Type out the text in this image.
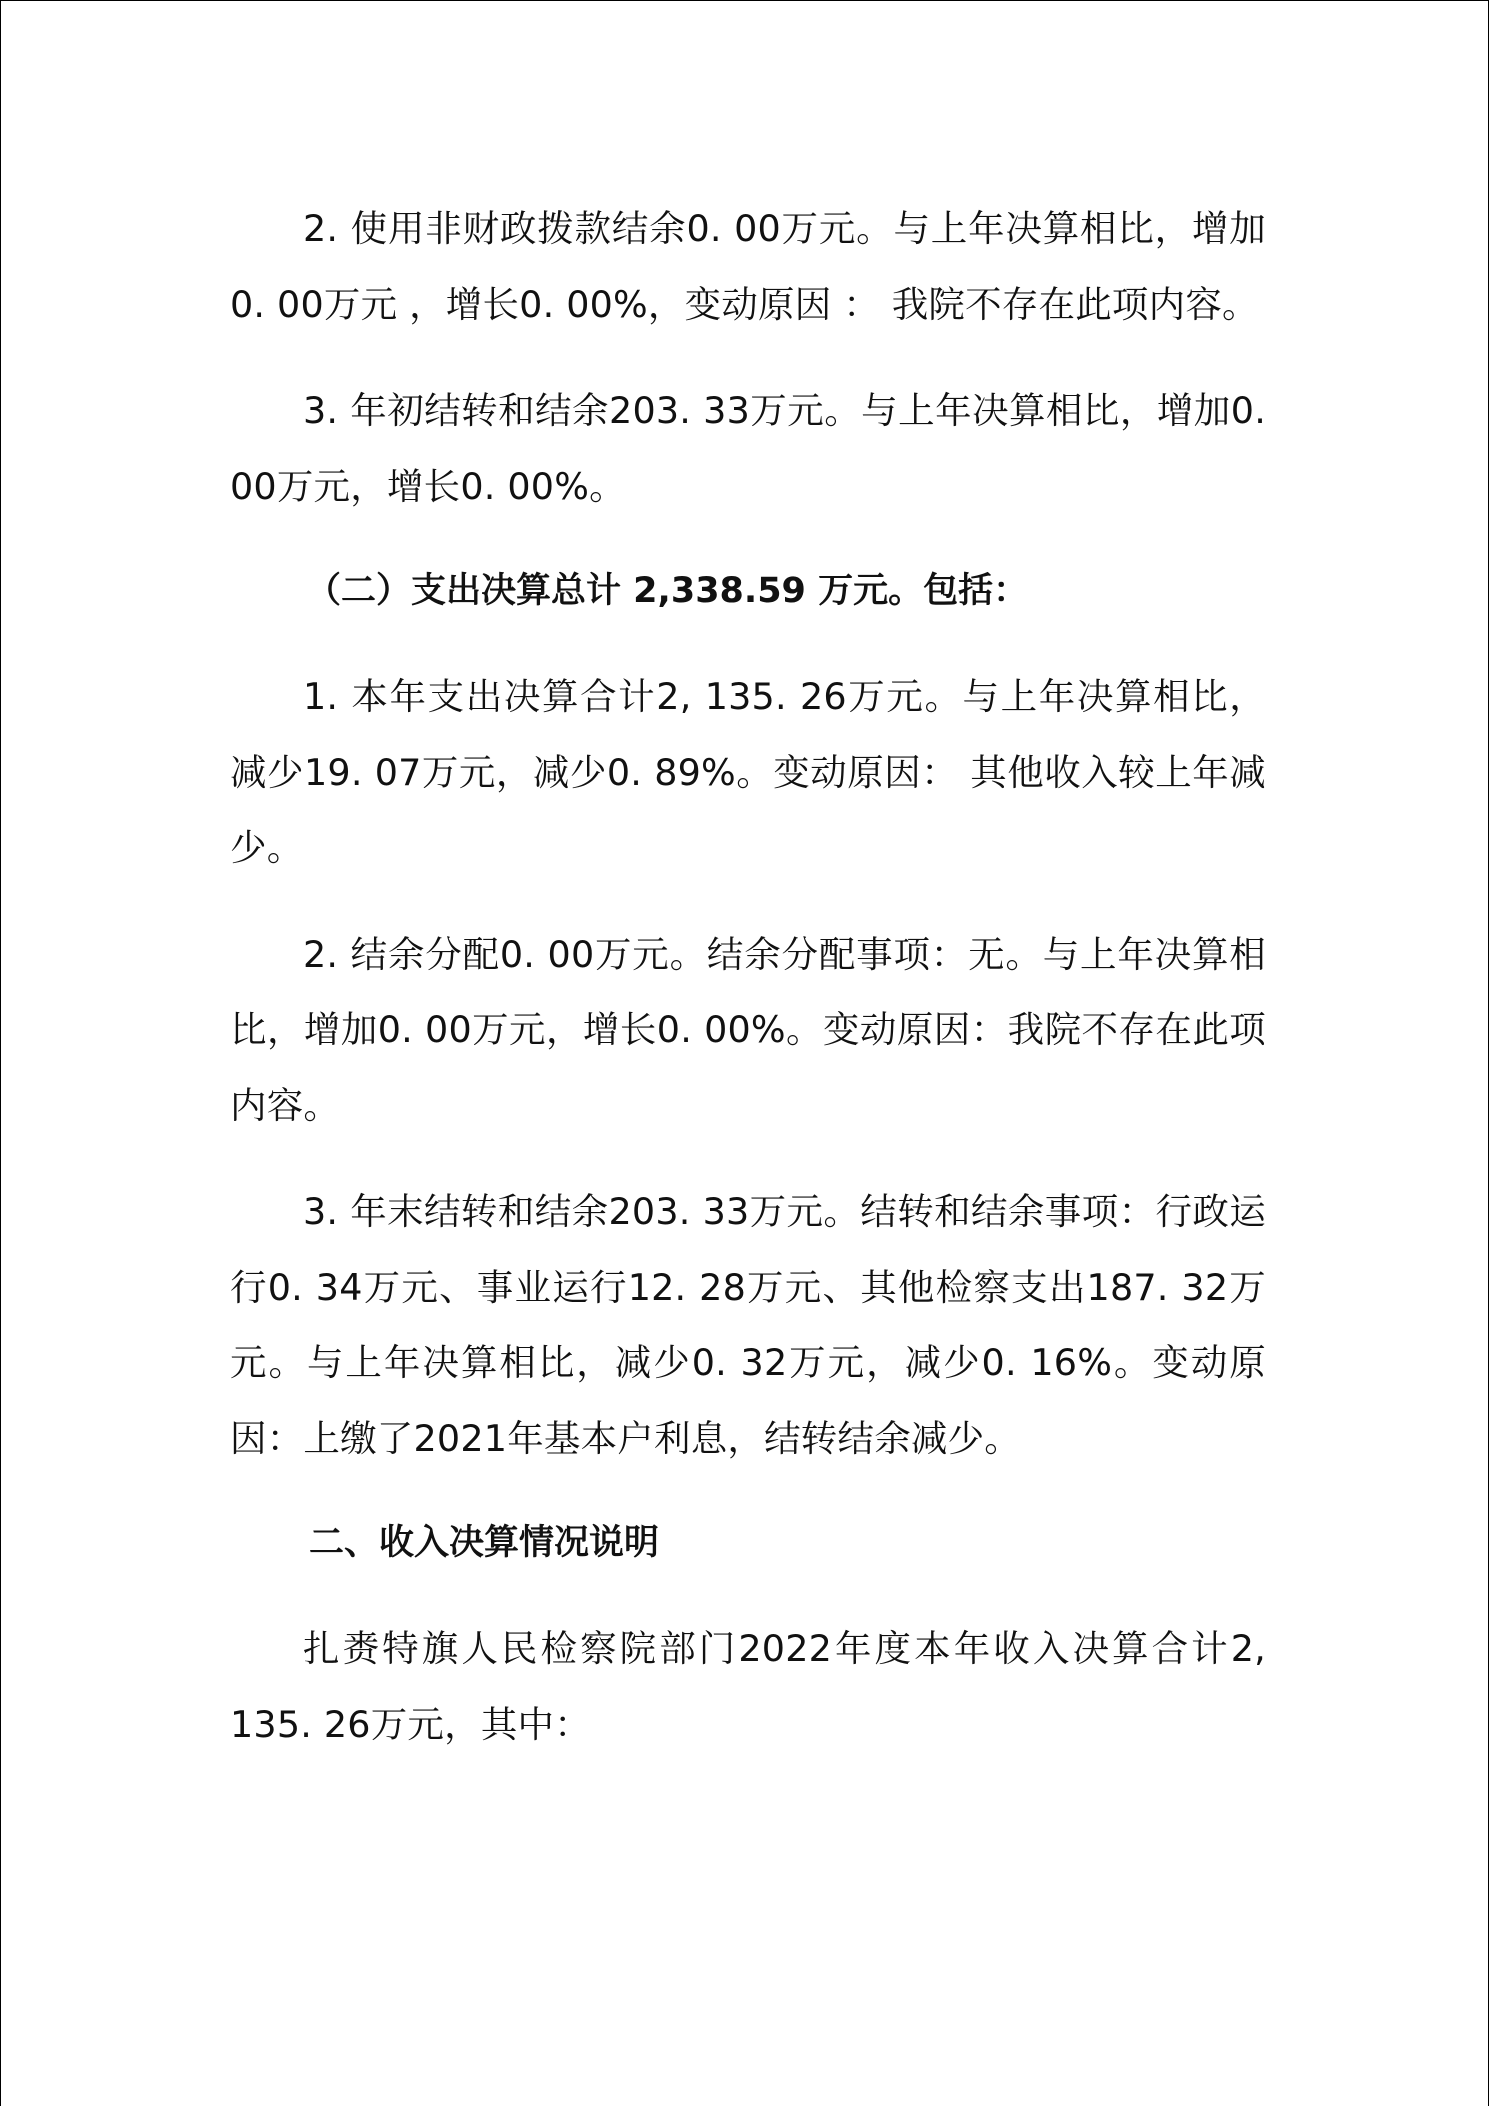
2. 使用非财政拨款结余0. 00万元。与上年决算相比，增加0. 00万元 ，增长0. 00%，变动原因 ： 我院不存在此项内容。

3. 年初结转和结余203. 33万元。与上年决算相比，增加0. 00万元，增长0. 00%。

（二）支出决算总计 2,338.59 万元。包括：

1. 本年支出决算合计2, 135. 26万元。与上年决算相比，减少19. 07万元，减少0. 89%。变动原因： 其他收入较上年减少。

2. 结余分配0. 00万元。结余分配事项：无。与上年决算相比，增加0. 00万元，增长0. 00%。变动原因：我院不存在此项内容。

3. 年末结转和结余203. 33万元。结转和结余事项：行政运行0. 34万元、事业运行12. 28万元、其他检察支出187. 32万元。与上年决算相比，减少0. 32万元，减少0. 16%。变动原因：上缴了2021年基本户利息，结转结余减少。

二、收入决算情况说明

扎赉特旗人民检察院部门2022年度本年收入决算合计2, 135. 26万元，其中：
